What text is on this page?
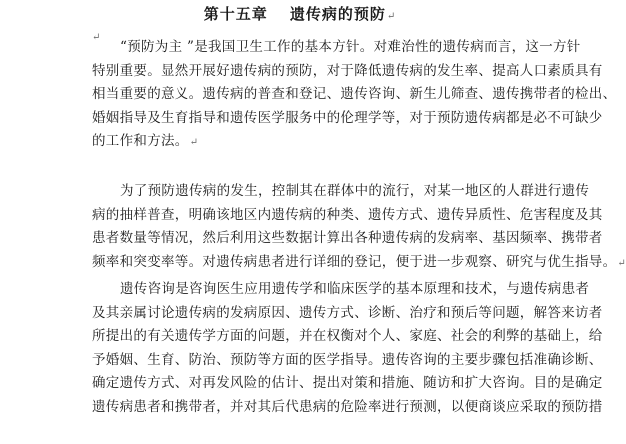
第十五章　 遗传病的预防↵
↵

“预防为主 ”是我国卫生工作的基本方针。对难治性的遗传病而言，这一方针
特别重要。显然开展好遗传病的预防，对于降低遗传病的发生率、提高人口素质具有
相当重要的意义。遗传病的普查和登记、遗传咨询、新生儿筛查、遗传携带者的检出、
婚姻指导及生育指导和遗传医学服务中的伦理学等，对于预防遗传病都是必不可缺少
的工作和方法。↵

为了预防遗传病的发生，控制其在群体中的流行，对某一地区的人群进行遗传
病的抽样普查，明确该地区内遗传病的种类、遗传方式、遗传异质性、危害程度及其
患者数量等情况，然后利用这些数据计算出各种遗传病的发病率、基因频率、携带者
频率和突变率等。对遗传病患者进行详细的登记，便于进一步观察、研究与优生指导。↵

遗传咨询是咨询医生应用遗传学和临床医学的基本原理和技术，与遗传病患者
及其亲属讨论遗传病的发病原因、遗传方式、诊断、治疗和预后等问题，解答来访者
所提出的有关遗传学方面的问题，并在权衡对个人、家庭、社会的利弊的基础上，给
予婚姻、生育、防治、预防等方面的医学指导。遗传咨询的主要步骤包括准确诊断、
确定遗传方式、对再发风险的估计、提出对策和措施、随访和扩大咨询。目的是确定
遗传病患者和携带者，并对其后代患病的危险率进行预测，以便商谈应采取的预防措
